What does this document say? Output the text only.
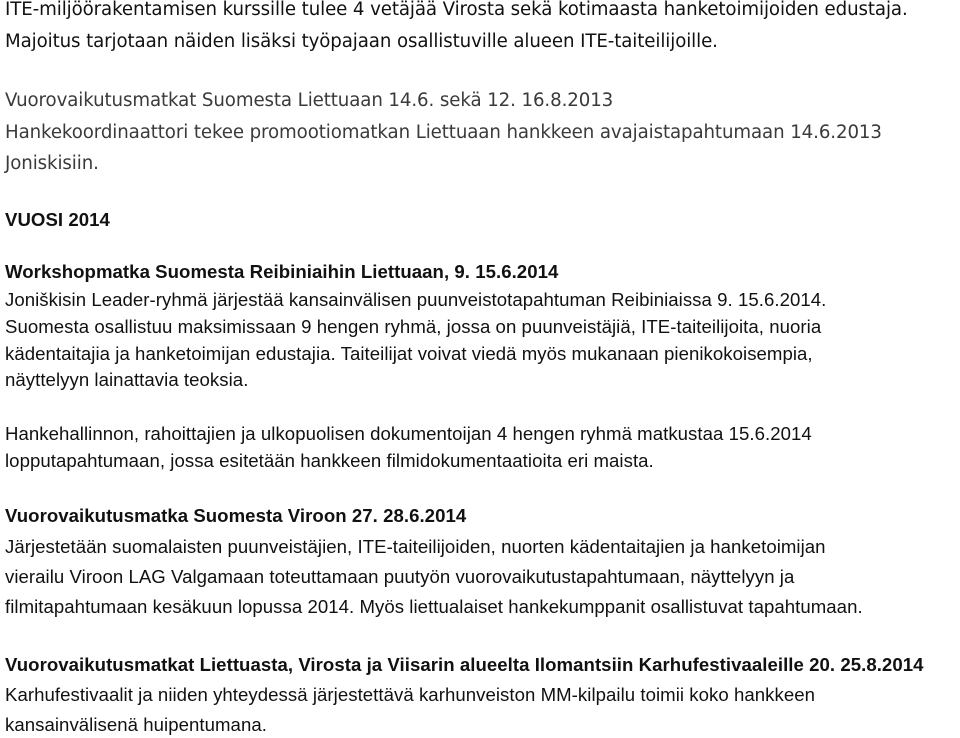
ITE-miljöörakentamisen kurssille tulee 4 vetäjää Virosta sekä kotimaasta hanketoimijoiden edustaja.

Majoitus tarjotaan näiden lisäksi työpajaan osallistuville alueen ITE-taiteilijoille.

Vuorovaikutusmatkat Suomesta Liettuaan 14.6. sekä 12. 16.8.2013

Hankekoordinaattori tekee promootiomatkan Liettuaan hankkeen avajaistapahtumaan 14.6.2013

Joniskisiin.

VUOSI 2014

Workshopmatka Suomesta Reibiniaihin Liettuaan, 9. 15.6.2014

Joniškisin Leader-ryhmä järjestää kansainvälisen puunveistotapahtuman Reibiniaissa 9. 15.6.2014.

Suomesta osallistuu maksimissaan 9 hengen ryhmä, jossa on puunveistäjiä, ITE-taiteilijoita, nuoria

kädentaitajia ja hanketoimijan edustajia. Taiteilijat voivat viedä myös mukanaan pienikokoisempia,

näyttelyyn lainattavia teoksia.

Hankehallinnon, rahoittajien ja ulkopuolisen dokumentoijan 4 hengen ryhmä matkustaa 15.6.2014

lopputapahtumaan, jossa esitetään hankkeen filmidokumentaatioita eri maista.

Vuorovaikutusmatka Suomesta Viroon 27. 28.6.2014

Järjestetään suomalaisten puunveistäjien, ITE-taiteilijoiden, nuorten kädentaitajien ja hanketoimijan

vierailu Viroon LAG Valgamaan toteuttamaan puutyön vuorovaikutustapahtumaan, näyttelyyn ja

filmitapahtumaan kesäkuun lopussa 2014. Myös liettualaiset hankekumppanit osallistuvat tapahtumaan.

Vuorovaikutusmatkat Liettuasta, Virosta ja Viisarin alueelta Ilomantsiin Karhufestivaaleille 20. 25.8.2014

Karhufestivaalit ja niiden yhteydessä järjestettävä karhunveiston MM-kilpailu toimii koko hankkeen

kansainvälisenä huipentumana.
